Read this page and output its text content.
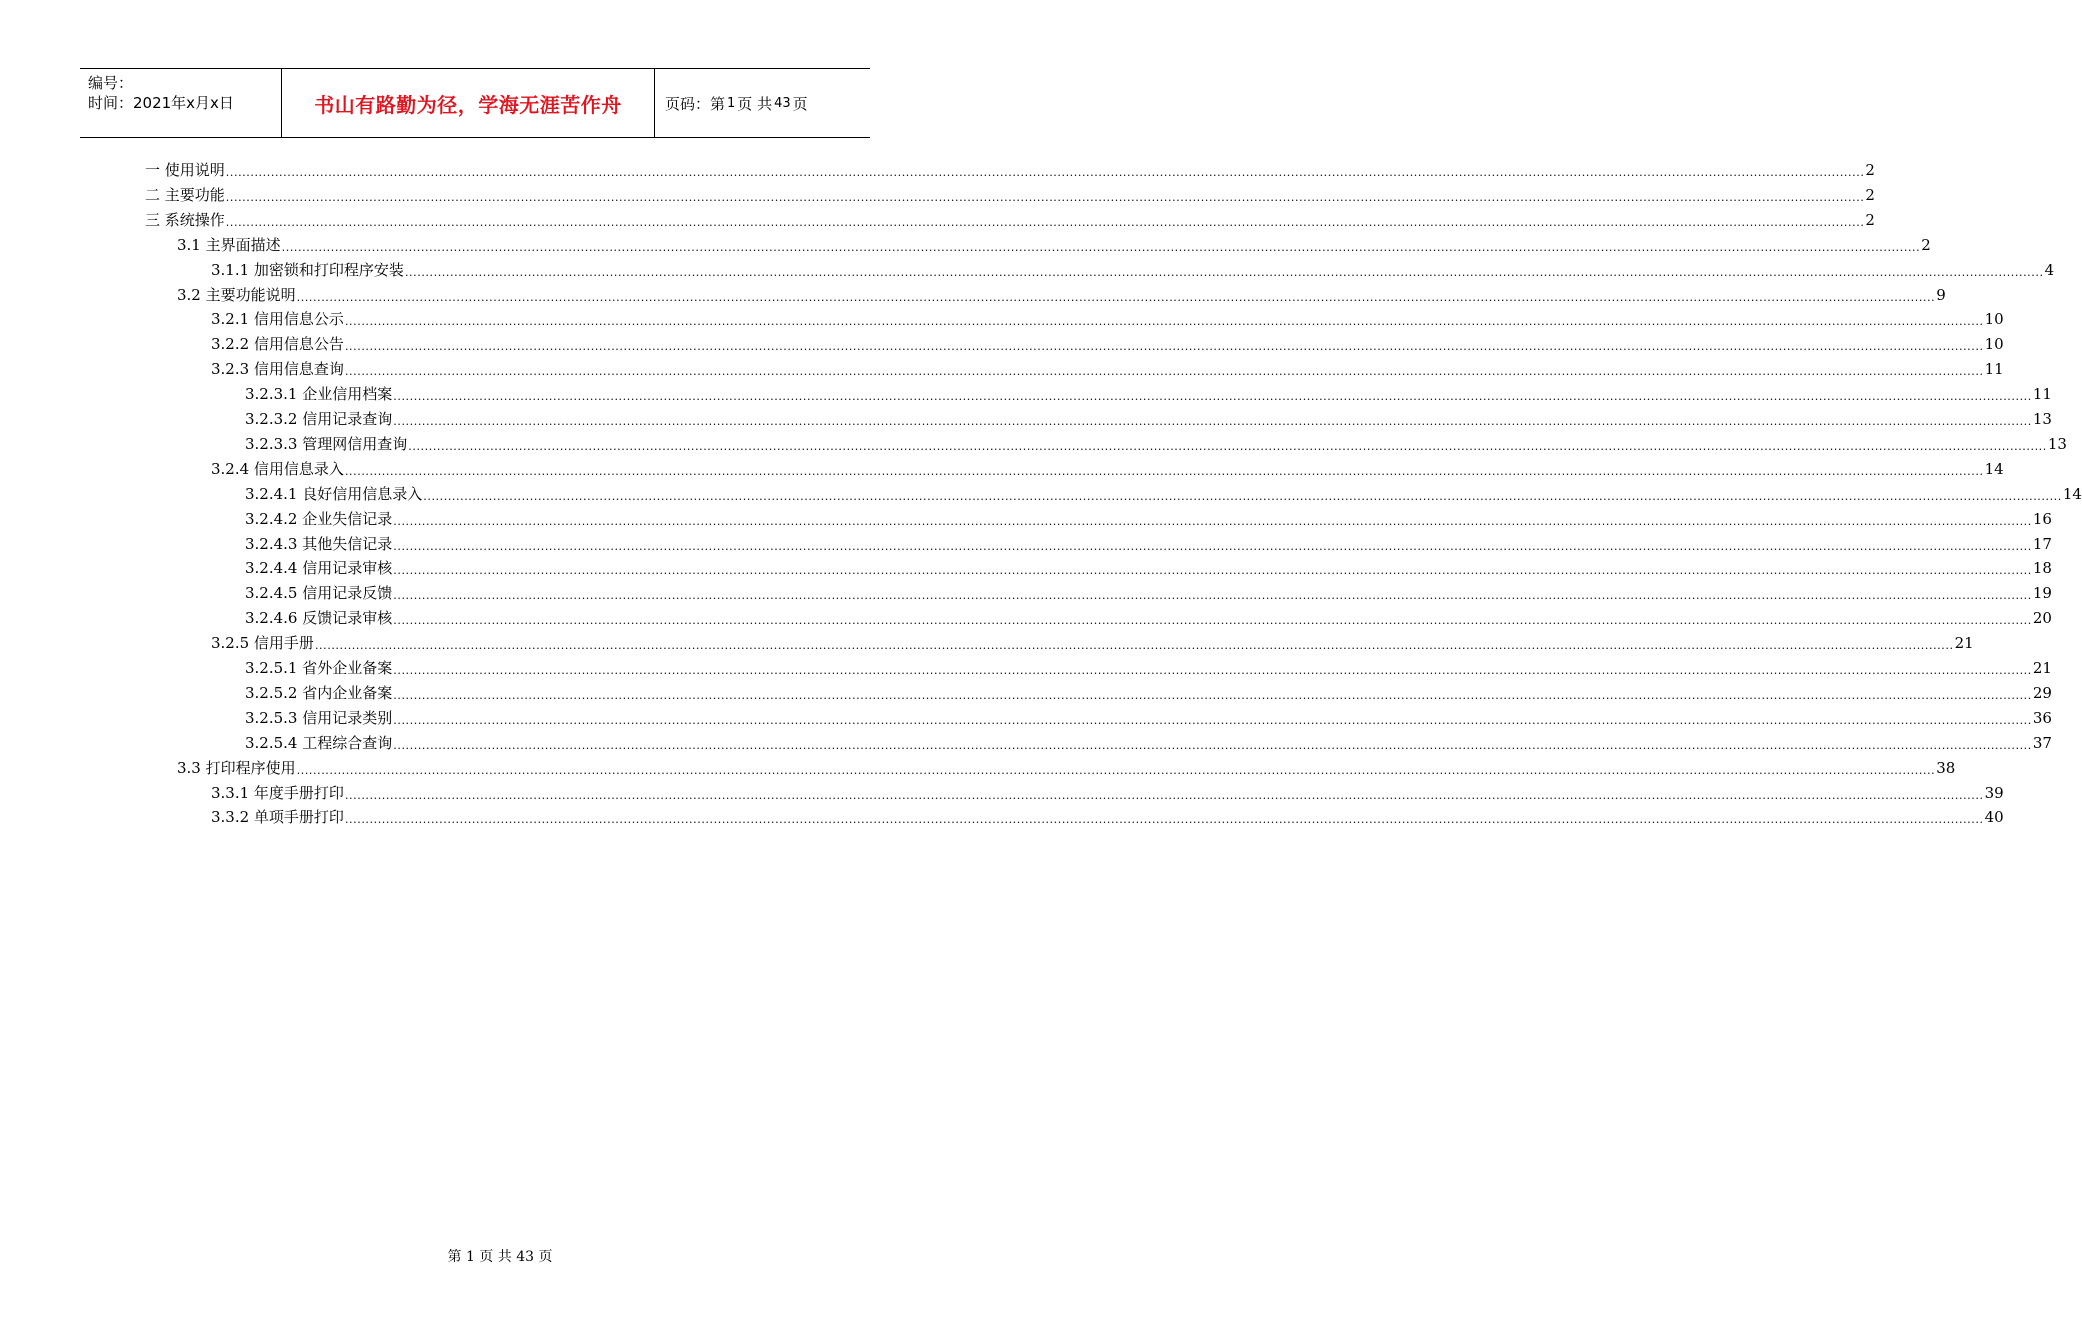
编号：
时间：2021年x月x日	书山有路勤为径，学海无涯苦作舟	页码：第 1 页 共 43 页
一 使用说明 ................................................................................................................................................................................................................................................................................................................................................................................................................ 2
二 主要功能 ................................................................................................................................................................................................................................................................................................................................................................................................................ 2
三 系统操作 ................................................................................................................................................................................................................................................................................................................................................................................................................ 2
3.1 主界面描述 ................................................................................................................................................................................................................................................................................................................................................................................................................ 2
3.1.1 加密锁和打印程序安装 ................................................................................................................................................................................................................................................................................................................................................................................................................ 4
3.2 主要功能说明 ................................................................................................................................................................................................................................................................................................................................................................................................................ 9
3.2.1 信用信息公示 ................................................................................................................................................................................................................................................................................................................................................................................................................ 10
3.2.2 信用信息公告 ................................................................................................................................................................................................................................................................................................................................................................................................................ 10
3.2.3 信用信息查询 ................................................................................................................................................................................................................................................................................................................................................................................................................ 11
3.2.3.1 企业信用档案 ................................................................................................................................................................................................................................................................................................................................................................................................................ 11
3.2.3.2 信用记录查询 ................................................................................................................................................................................................................................................................................................................................................................................................................ 13
3.2.3.3 管理网信用查询 ................................................................................................................................................................................................................................................................................................................................................................................................................ 13
3.2.4 信用信息录入 ................................................................................................................................................................................................................................................................................................................................................................................................................ 14
3.2.4.1 良好信用信息录入 ................................................................................................................................................................................................................................................................................................................................................................................................................ 14
3.2.4.2 企业失信记录 ................................................................................................................................................................................................................................................................................................................................................................................................................ 16
3.2.4.3 其他失信记录 ................................................................................................................................................................................................................................................................................................................................................................................................................ 17
3.2.4.4 信用记录审核 ................................................................................................................................................................................................................................................................................................................................................................................................................ 18
3.2.4.5 信用记录反馈 ................................................................................................................................................................................................................................................................................................................................................................................................................ 19
3.2.4.6 反馈记录审核 ................................................................................................................................................................................................................................................................................................................................................................................................................ 20
3.2.5 信用手册 ................................................................................................................................................................................................................................................................................................................................................................................................................ 21
3.2.5.1 省外企业备案 ................................................................................................................................................................................................................................................................................................................................................................................................................ 21
3.2.5.2 省内企业备案 ................................................................................................................................................................................................................................................................................................................................................................................................................ 29
3.2.5.3 信用记录类别 ................................................................................................................................................................................................................................................................................................................................................................................................................ 36
3.2.5.4 工程综合查询 ................................................................................................................................................................................................................................................................................................................................................................................................................ 37
3.3 打印程序使用 ................................................................................................................................................................................................................................................................................................................................................................................................................ 38
3.3.1 年度手册打印 ................................................................................................................................................................................................................................................................................................................................................................................................................ 39
3.3.2 单项手册打印 ................................................................................................................................................................................................................................................................................................................................................................................................................ 40
第 1 页 共 43 页
